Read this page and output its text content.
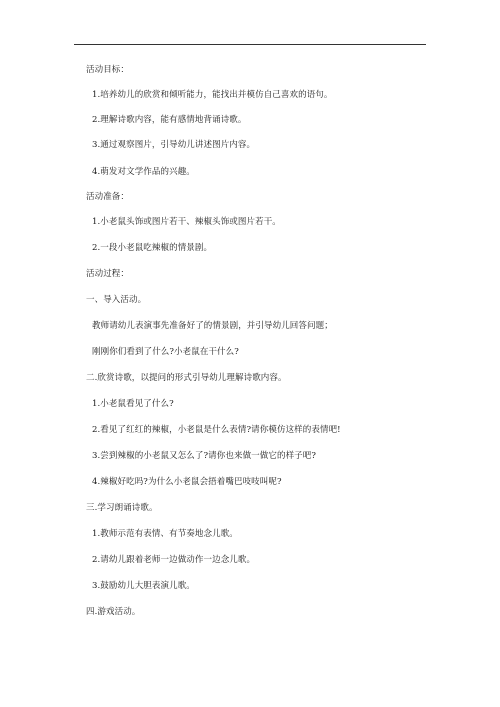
活动目标：
1.培养幼儿的欣赏和倾听能力，能找出并模仿自己喜欢的语句。
2.理解诗歌内容，能有感情地背诵诗歌。
3.通过观察图片，引导幼儿讲述图片内容。
4.萌发对文学作品的兴趣。
活动准备：
1.小老鼠头饰或图片若干、辣椒头饰或图片若干。
2.一段小老鼠吃辣椒的情景剧。
活动过程：
一、导入活动。
教师请幼儿表演事先准备好了的情景剧，并引导幼儿回答问题；
刚刚你们看到了什么?小老鼠在干什么?
二.欣赏诗歌，以提问的形式引导幼儿理解诗歌内容。
1.小老鼠看见了什么?
2.看见了红红的辣椒，小老鼠是什么表情?请你模仿这样的表情吧!
3.尝到辣椒的小老鼠又怎么了?请你也来做一做它的样子吧?
4.辣椒好吃吗?为什么小老鼠会捂着嘴巴吱吱叫呢?
三.学习朗诵诗歌。
1.教师示范有表情、有节奏地念儿歌。
2.请幼儿跟着老师一边做动作一边念儿歌。
3.鼓励幼儿大胆表演儿歌。
四.游戏活动。
